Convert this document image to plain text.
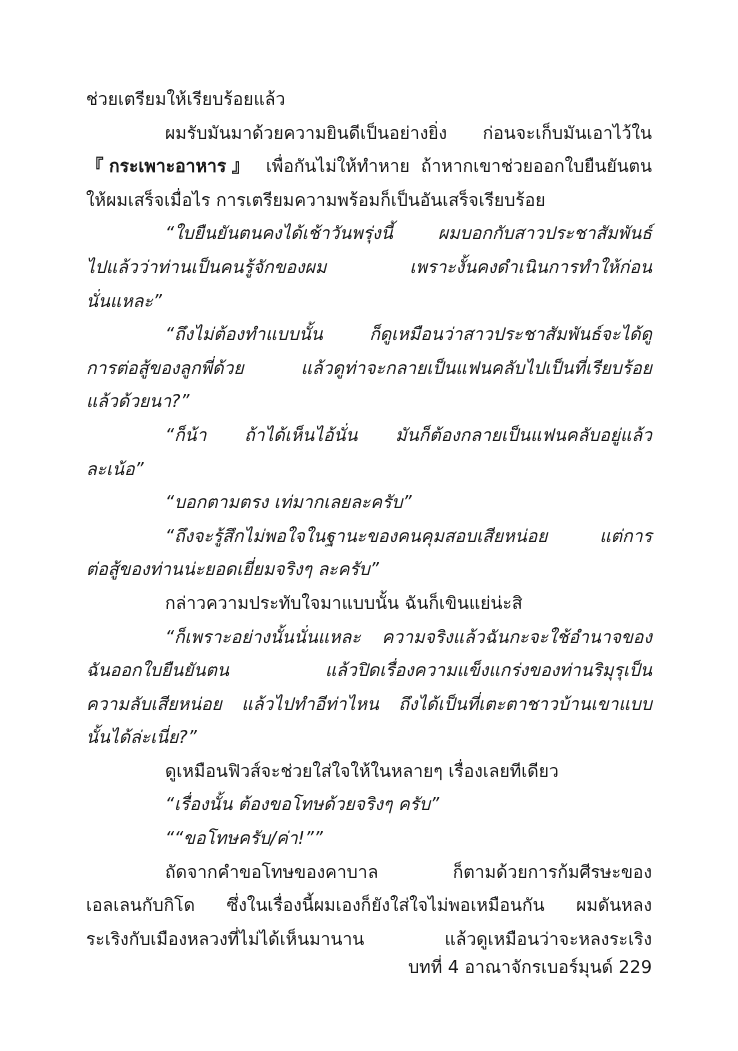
ช่วยเตรียมให้เรียบร้อยแล้ว
ผมรับมันมาด้วยความยินดีเป็นอย่างยิ่ง ก่อนจะเก็บมันเอาไว้ใน
『กระเพาะอาหาร』 เพื่อกันไม่ให้ทำหาย ถ้าหากเขาช่วยออกใบยืนยันตน
ให้ผมเสร็จเมื่อไร การเตรียมความพร้อมก็เป็นอันเสร็จเรียบร้อย
“ใบยืนยันตนคงได้เช้าวันพรุ่งนี้ ผมบอกกับสาวประชาสัมพันธ์
ไปแล้วว่าท่านเป็นคนรู้จักของผม เพราะงั้นคงดำเนินการทำให้ก่อน
นั่นแหละ”
“ถึงไม่ต้องทำแบบนั้น ก็ดูเหมือนว่าสาวประชาสัมพันธ์จะได้ดู
การต่อสู้ของลูกพี่ด้วย แล้วดูท่าจะกลายเป็นแฟนคลับไปเป็นที่เรียบร้อย
แล้วด้วยนา?”
“ก็น้า ถ้าได้เห็นไอ้นั่น มันก็ต้องกลายเป็นแฟนคลับอยู่แล้ว
ละเน้อ”
“บอกตามตรง เท่มากเลยละครับ”
“ถึงจะรู้สึกไม่พอใจในฐานะของคนคุมสอบเสียหน่อย แต่การ
ต่อสู้ของท่านน่ะยอดเยี่ยมจริงๆ ละครับ”
กล่าวความประทับใจมาแบบนั้น ฉันก็เขินแย่น่ะสิ
“ก็เพราะอย่างนั้นนั่นแหละ ความจริงแล้วฉันกะจะใช้อำนาจของ
ฉันออกใบยืนยันตน แล้วปิดเรื่องความแข็งแกร่งของท่านริมุรุเป็น
ความลับเสียหน่อย แล้วไปทำอีท่าไหน ถึงได้เป็นที่เตะตาชาวบ้านเขาแบบ
นั้นได้ล่ะเนี่ย?”
ดูเหมือนฟิวส์จะช่วยใส่ใจให้ในหลายๆ เรื่องเลยทีเดียว
“เรื่องนั้น ต้องขอโทษด้วยจริงๆ ครับ”
““ขอโทษครับ/ค่า!””
ถัดจากคำขอโทษของคาบาล ก็ตามด้วยการก้มศีรษะของ
เอลเลนกับกิโด ซึ่งในเรื่องนี้ผมเองก็ยังใส่ใจไม่พอเหมือนกัน ผมดันหลง
ระเริงกับเมืองหลวงที่ไม่ได้เห็นมานาน แล้วดูเหมือนว่าจะหลงระเริง
บทที่ 4 อาณาจักรเบอร์มุนด์ 229
